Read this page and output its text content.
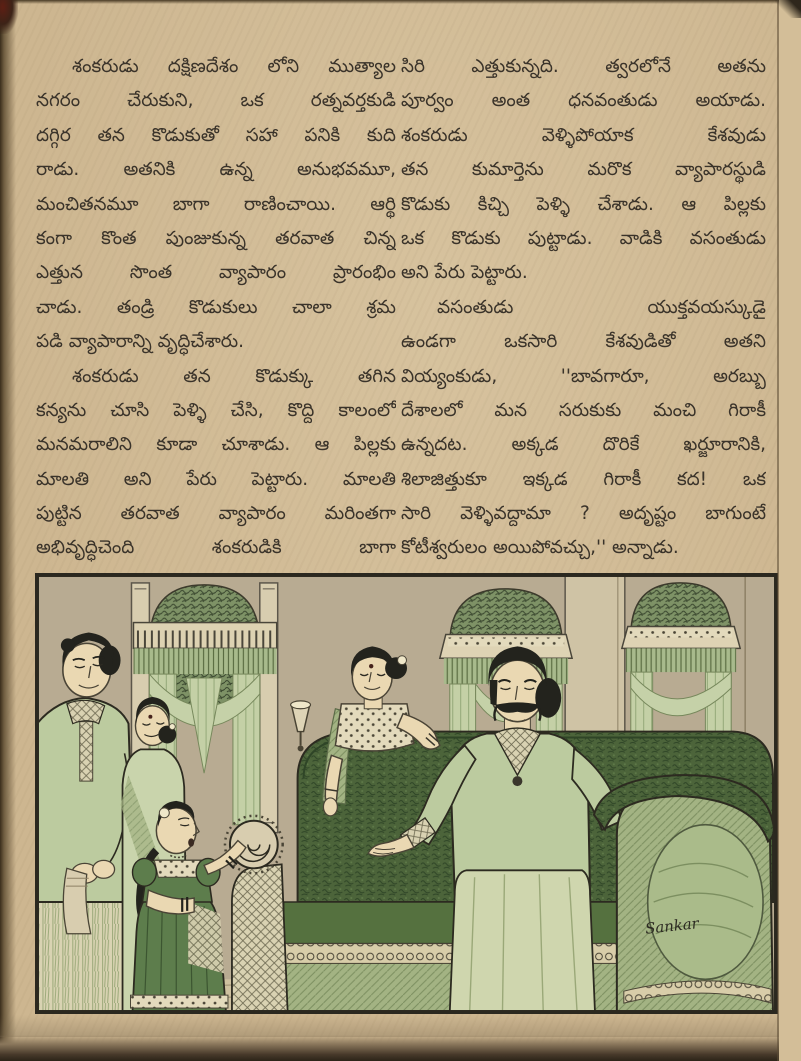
శంకరుడు దక్షిణదేశం లోని ముత్యాల
నగరం చేరుకుని, ఒక రత్నవర్తకుడి
దగ్గిర తన కొడుకుతో సహా పనికి కుది
రాడు. అతనికి ఉన్న అనుభవమూ,
మంచితనమూ బాగా రాణించాయి. ఆర్థి
కంగా కొంత పుంజుకున్న తరవాత చిన్న
ఎత్తున సొంత వ్యాపారం ప్రారంభిం
చాడు. తండ్రి కొడుకులు చాలా శ్రమ
పడి వ్యాపారాన్ని వృద్ధిచేశారు.
శంకరుడు తన కొడుక్కు తగిన
కన్యను చూసి పెళ్ళి చేసి, కొద్ది కాలంలో
మనమరాలిని కూడా చూశాడు. ఆ పిల్లకు
మాలతి అని పేరు పెట్టారు. మాలతి
పుట్టిన తరవాత వ్యాపారం మరింతగా
అభివృద్ధిచెంది శంకరుడికి బాగా
సిరి ఎత్తుకున్నది. త్వరలోనే అతను
పూర్వం అంత ధనవంతుడు అయాడు.
శంకరుడు వెళ్ళిపోయాక కేశవుడు
తన కుమార్తెను మరొక వ్యాపారస్థుడి
కొడుకు కిచ్చి పెళ్ళి చేశాడు. ఆ పిల్లకు
ఒక కొడుకు పుట్టాడు. వాడికి వసంతుడు
అని పేరు పెట్టారు.
వసంతుడు యుక్తవయస్కుడై
ఉండగా ఒకసారి కేశవుడితో అతని
వియ్యంకుడు, ''బావగారూ, అరబ్బు
దేశాలలో మన సరుకుకు మంచి గిరాకీ
ఉన్నదట. అక్కడ దొరికే ఖర్జూరానికి,
శిలాజిత్తుకూ ఇక్కడ గిరాకీ కద! ఒక
సారి వెళ్ళివద్దామా ? అదృష్టం బాగుంటే
కోటీశ్వరులం అయిపోవచ్చు,'' అన్నాడు.
Sankar
